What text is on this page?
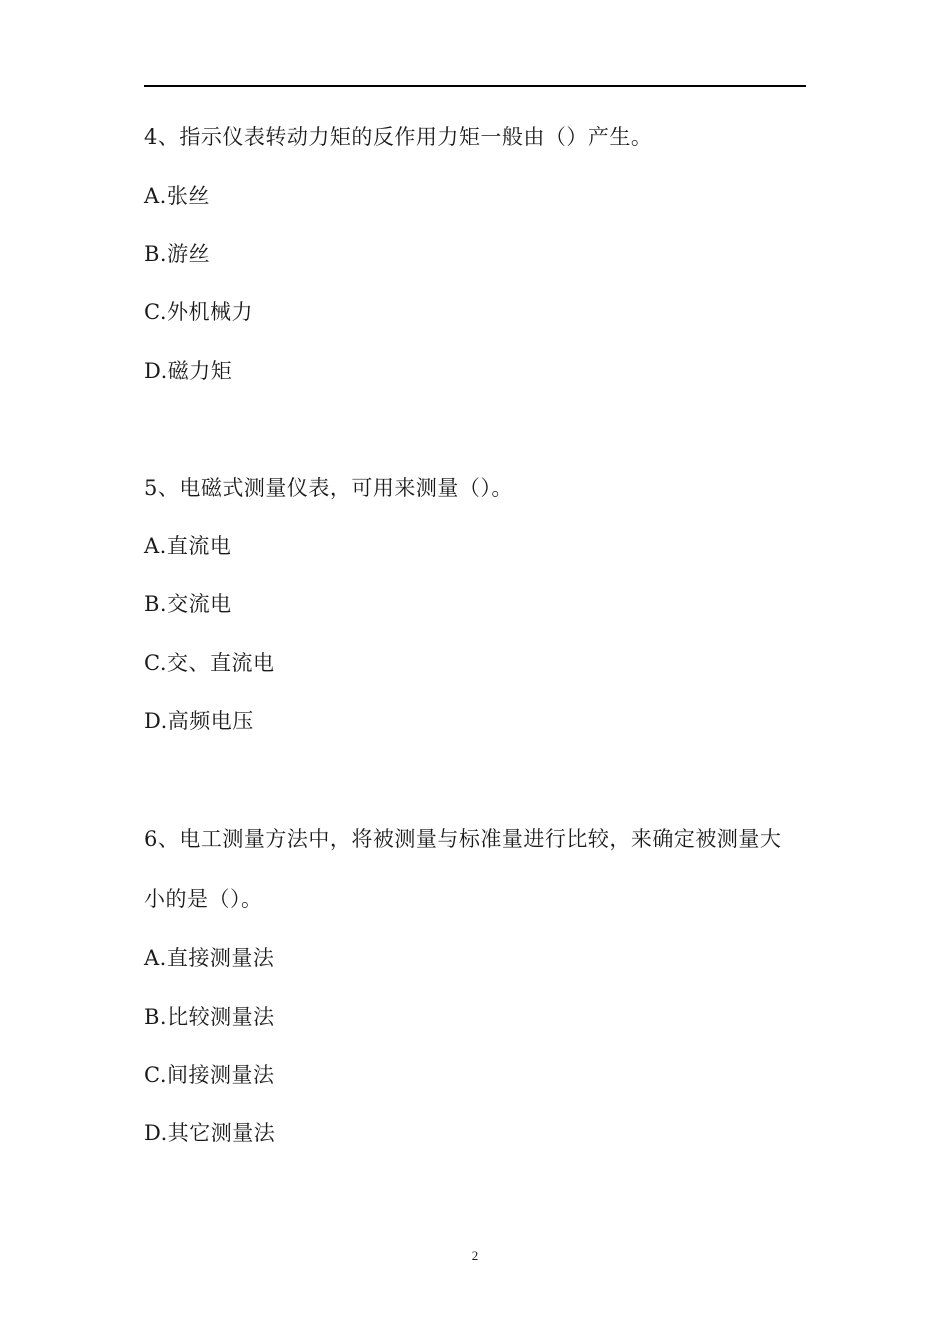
4、指示仪表转动力矩的反作用力矩一般由（）产生。
A.张丝
B.游丝
C.外机械力
D.磁力矩
5、电磁式测量仪表，可用来测量（）。
A.直流电
B.交流电
C.交、直流电
D.高频电压
6、电工测量方法中，将被测量与标准量进行比较，来确定被测量大
小的是（）。
A.直接测量法
B.比较测量法
C.间接测量法
D.其它测量法
2
